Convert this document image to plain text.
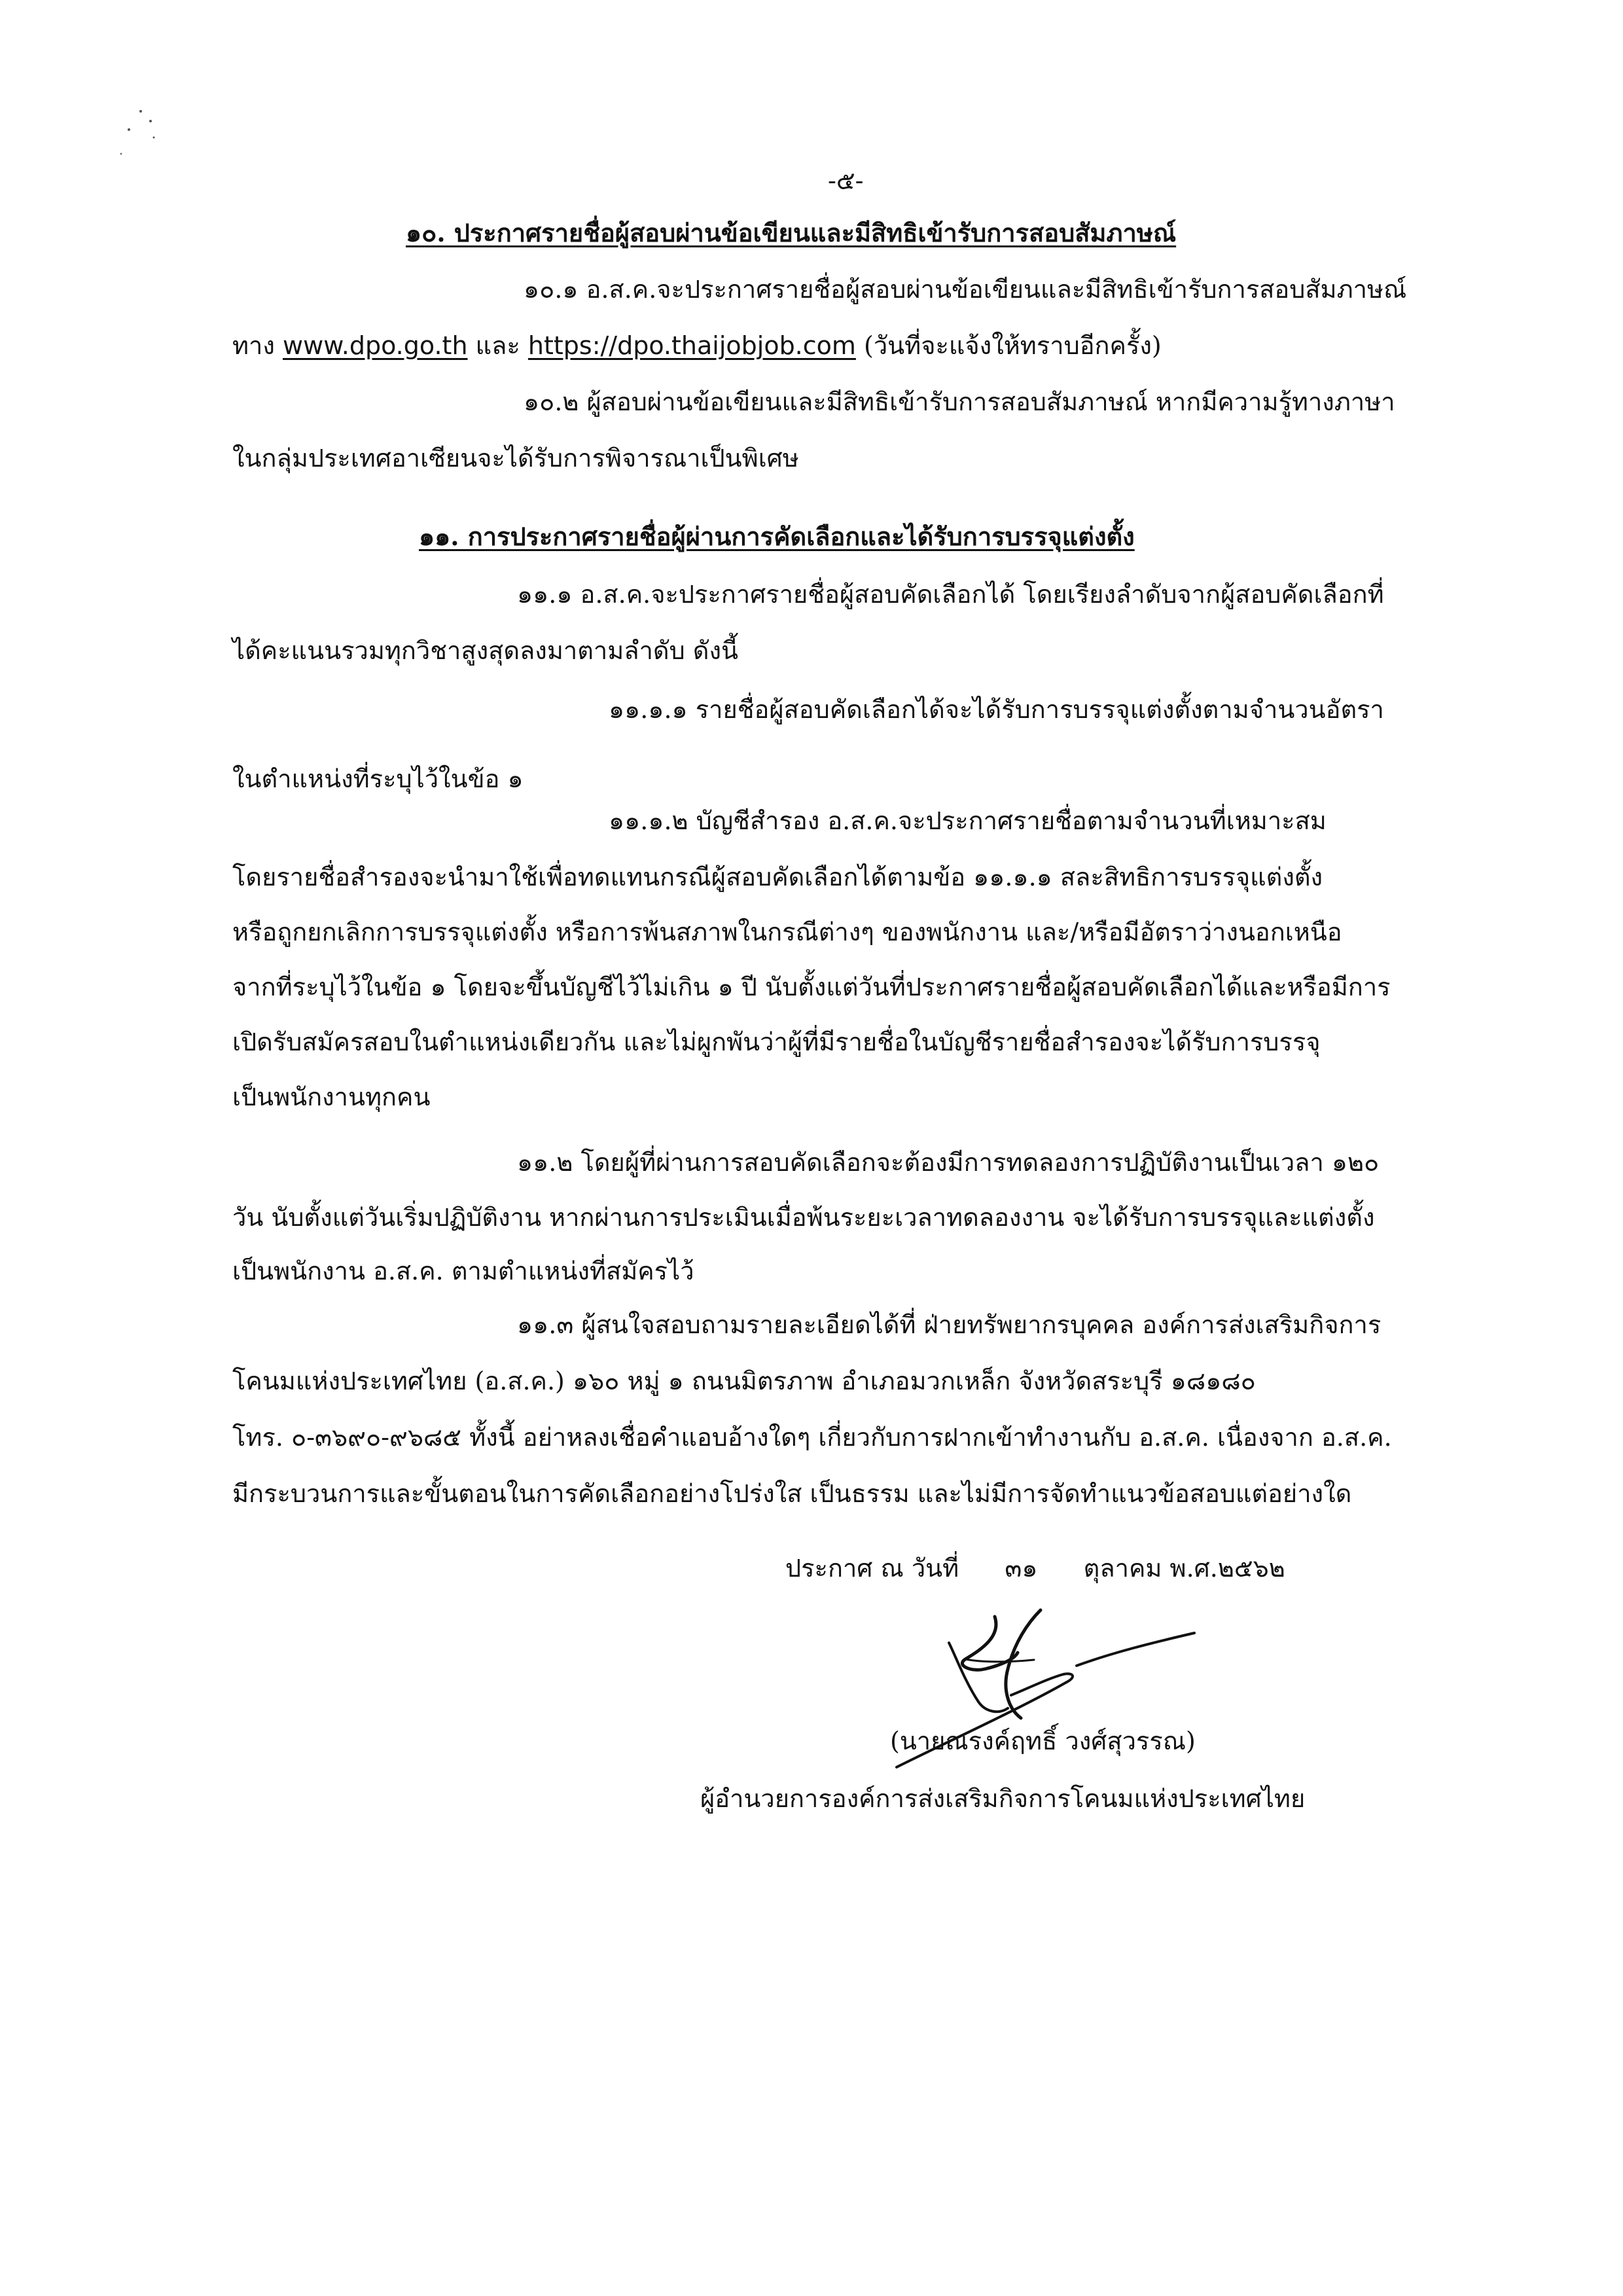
-๕-
๑๐. ประกาศรายชื่อผู้สอบผ่านข้อเขียนและมีสิทธิเข้ารับการสอบสัมภาษณ์
๑๐.๑ อ.ส.ค.จะประกาศรายชื่อผู้สอบผ่านข้อเขียนและมีสิทธิเข้ารับการสอบสัมภาษณ์
ทาง www.dpo.go.th และ https://dpo.thaijobjob.com (วันที่จะแจ้งให้ทราบอีกครั้ง)
๑๐.๒ ผู้สอบผ่านข้อเขียนและมีสิทธิเข้ารับการสอบสัมภาษณ์ หากมีความรู้ทางภาษา
ในกลุ่มประเทศอาเซียนจะได้รับการพิจารณาเป็นพิเศษ
๑๑. การประกาศรายชื่อผู้ผ่านการคัดเลือกและได้รับการบรรจุแต่งตั้ง
๑๑.๑ อ.ส.ค.จะประกาศรายชื่อผู้สอบคัดเลือกได้ โดยเรียงลำดับจากผู้สอบคัดเลือกที่
ได้คะแนนรวมทุกวิชาสูงสุดลงมาตามลำดับ ดังนี้
๑๑.๑.๑ รายชื่อผู้สอบคัดเลือกได้จะได้รับการบรรจุแต่งตั้งตามจำนวนอัตรา
ในตำแหน่งที่ระบุไว้ในข้อ ๑
๑๑.๑.๒ บัญชีสำรอง อ.ส.ค.จะประกาศรายชื่อตามจำนวนที่เหมาะสม
โดยรายชื่อสำรองจะนำมาใช้เพื่อทดแทนกรณีผู้สอบคัดเลือกได้ตามข้อ ๑๑.๑.๑ สละสิทธิการบรรจุแต่งตั้ง
หรือถูกยกเลิกการบรรจุแต่งตั้ง หรือการพ้นสภาพในกรณีต่างๆ ของพนักงาน และ/หรือมีอัตราว่างนอกเหนือ
จากที่ระบุไว้ในข้อ ๑ โดยจะขึ้นบัญชีไว้ไม่เกิน ๑ ปี นับตั้งแต่วันที่ประกาศรายชื่อผู้สอบคัดเลือกได้และหรือมีการ
เปิดรับสมัครสอบในตำแหน่งเดียวกัน และไม่ผูกพันว่าผู้ที่มีรายชื่อในบัญชีรายชื่อสำรองจะได้รับการบรรจุ
เป็นพนักงานทุกคน
๑๑.๒ โดยผู้ที่ผ่านการสอบคัดเลือกจะต้องมีการทดลองการปฏิบัติงานเป็นเวลา ๑๒๐
วัน นับตั้งแต่วันเริ่มปฏิบัติงาน หากผ่านการประเมินเมื่อพ้นระยะเวลาทดลองงาน จะได้รับการบรรจุและแต่งตั้ง
เป็นพนักงาน อ.ส.ค. ตามตำแหน่งที่สมัครไว้
๑๑.๓ ผู้สนใจสอบถามรายละเอียดได้ที่ ฝ่ายทรัพยากรบุคคล องค์การส่งเสริมกิจการ
โคนมแห่งประเทศไทย (อ.ส.ค.) ๑๖๐ หมู่ ๑ ถนนมิตรภาพ อำเภอมวกเหล็ก จังหวัดสระบุรี ๑๘๑๘๐
โทร. ๐-๓๖๙๐-๙๖๘๕ ทั้งนี้ อย่าหลงเชื่อคำแอบอ้างใดๆ เกี่ยวกับการฝากเข้าทำงานกับ อ.ส.ค. เนื่องจาก อ.ส.ค.
มีกระบวนการและขั้นตอนในการคัดเลือกอย่างโปร่งใส เป็นธรรม และไม่มีการจัดทำแนวข้อสอบแต่อย่างใด
ประกาศ ณ วันที่ ๓๑ ตุลาคม พ.ศ.๒๕๖๒
(นายณรงค์ฤทธิ์ วงศ์สุวรรณ)
ผู้อำนวยการองค์การส่งเสริมกิจการโคนมแห่งประเทศไทย
